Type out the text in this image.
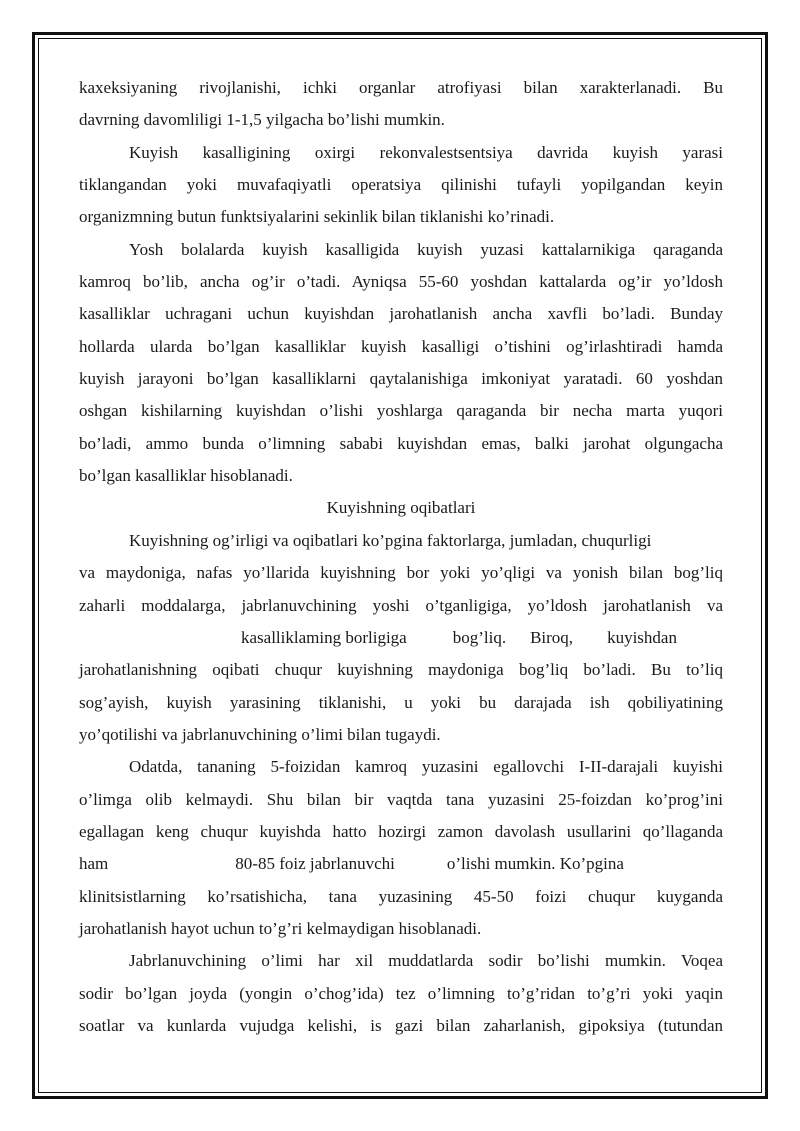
kaxeksiyaning rivojlanishi, ichki organlar atrofiyasi bilan xarakterlanadi. Bu
davrning davomliligi 1-1,5 yilgacha bo’lishi mumkin.
Kuyish kasalligining oxirgi rekonvalestsentsiya davrida kuyish yarasi
tiklangandan yoki muvafaqiyatli operatsiya qilinishi tufayli yopilgandan keyin
organizmning butun funktsiyalarini sekinlik bilan tiklanishi ko’rinadi.
Yosh bolalarda kuyish kasalligida kuyish yuzasi kattalarnikiga qaraganda
kamroq bo’lib, ancha og’ir o’tadi. Ayniqsa 55-60 yoshdan kattalarda og’ir yo’ldosh
kasalliklar uchragani uchun kuyishdan jarohatlanish ancha xavfli bo’ladi. Bunday
hollarda ularda bo’lgan kasalliklar kuyish kasalligi o’tishini og’irlashtiradi hamda
kuyish jarayoni bo’lgan kasalliklarni qaytalanishiga imkoniyat yaratadi. 60 yoshdan
oshgan kishilarning kuyishdan o’lishi yoshlarga qaraganda bir necha marta yuqori
bo’ladi, ammo bunda o’limning sababi kuyishdan emas, balki jarohat olgungacha
bo’lgan kasalliklar hisoblanadi.
Kuyishning oqibatlari
Kuyishning og’irligi va oqibatlari ko’pgina faktorlarga, jumladan, chuqurligi
va maydoniga, nafas yo’llarida kuyishning bor yoki yo’qligi va yonish bilan bog’liq
zaharli moddalarga, jabrlanuvchining yoshi o’tganligiga, yo’ldosh jarohatlanish va
kasalliklaming borligiga	bog’liq. Biroq, kuyishdan
jarohatlanishning oqibati chuqur kuyishning maydoniga bog’liq bo’ladi. Bu to’liq
sog’ayish, kuyish yarasining tiklanishi, u yoki bu darajada ish qobiliyatining
yo’qotilishi va jabrlanuvchining o’limi bilan tugaydi.
Odatda, tananing 5-foizidan kamroq yuzasini egallovchi I-II-darajali kuyishi
o’limga olib kelmaydi. Shu bilan bir vaqtda tana yuzasini 25-foizdan ko’prog’ini
egallagan keng chuqur kuyishda hatto hozirgi zamon davolash usullarini qo’llaganda
ham	80-85 foiz jabrlanuvchi	o’lishi mumkin. Ko’pgina
klinitsistlarning ko’rsatishicha, tana yuzasining 45-50 foizi chuqur kuyganda
jarohatlanish hayot uchun to’g’ri kelmaydigan hisoblanadi.
Jabrlanuvchining o’limi har xil muddatlarda sodir bo’lishi mumkin. Voqea
sodir bo’lgan joyda (yongin o’chog’ida) tez o’limning to’g’ridan to’g’ri yoki yaqin
soatlar va kunlarda vujudga kelishi, is gazi bilan zaharlanish, gipoksiya (tutundan
